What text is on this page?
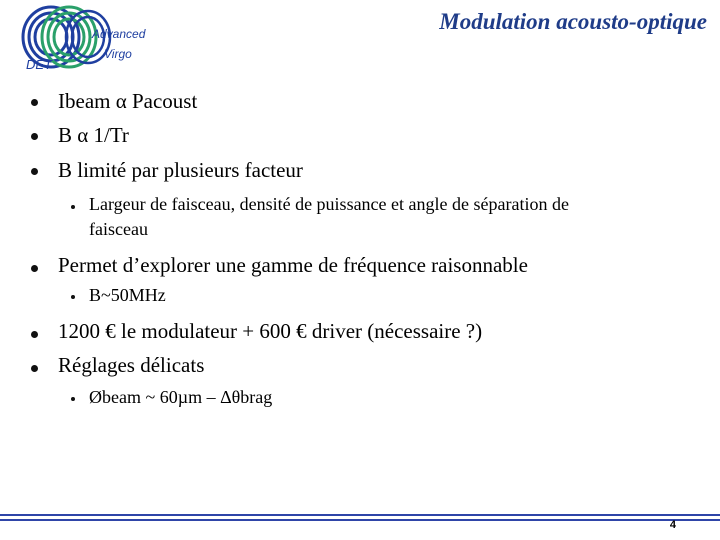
Advanced
Virgo
DET
Modulation acousto-optique
Ibeam α Pacoust
B α 1/Tr
B limité par plusieurs facteur
Largeur de faisceau, densité de puissance et angle de séparation de
faisceau
Permet d’explorer une gamme de fréquence raisonnable
B~50MHz
1200 € le modulateur + 600 € driver (nécessaire ?)
Réglages délicats
Øbeam ~ 60µm – Δθbrag
4
